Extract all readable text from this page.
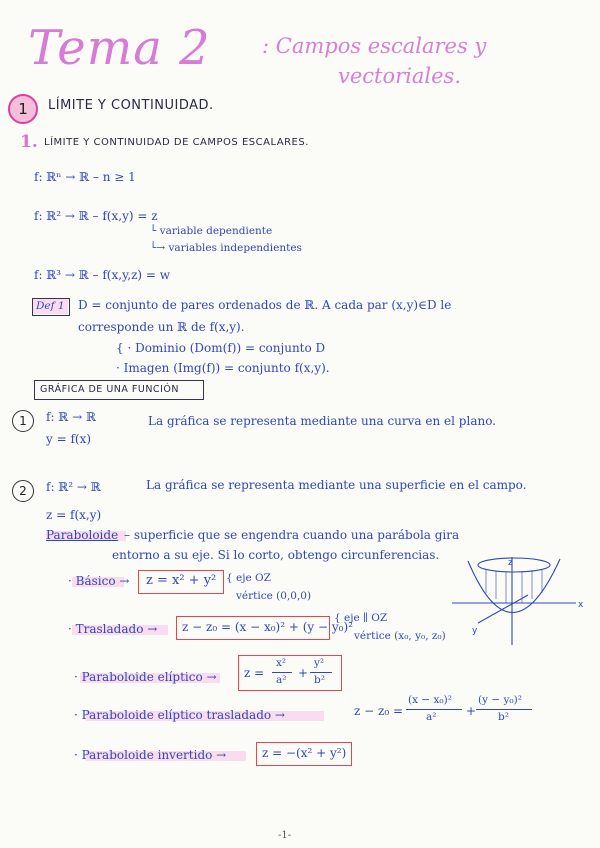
Tema 2 : Campos escalares y
vectoriales.
1 LÍMITE Y CONTINUIDAD.
1. LÍMITE Y CONTINUIDAD DE CAMPOS ESCALARES.
f: ℝⁿ → ℝ – n ≥ 1
f: ℝ² → ℝ – f(x,y) = z
└ variable dependiente
└→ variables independientes
f: ℝ³ → ℝ – f(x,y,z) = w
Def 1 D = conjunto de pares ordenados de ℝ. A cada par (x,y)∈D le
corresponde un ℝ de f(x,y).
{ · Dominio (Dom(f)) = conjunto D
· Imagen (Img(f)) = conjunto f(x,y).
GRÁFICA DE UNA FUNCIÓN
1 f: ℝ → ℝ
y = f(x)
La gráfica se representa mediante una curva en el plano.
2 f: ℝ² → ℝ
z = f(x,y)
La gráfica se representa mediante una superficie en el campo.
Paraboloide – superficie que se engendra cuando una parábola gira
entorno a su eje. Si lo corto, obtengo circunferencias.
· Básico → z = x² + y² { eje OZ
vértice (0,0,0)
· Trasladado → z − z₀ = (x − x₀)² + (y − y₀)²
{ eje ∥ OZ
vértice (x₀, y₀, z₀)
· Paraboloide elíptico → z =
x²
a² +
y²
b²
· Paraboloide elíptico trasladado →	z − z₀ =
(x − x₀)²
a² +
(y − y₀)²
b²
· Paraboloide invertido →	z = −(x² + y²)
z
x
y
-1-
